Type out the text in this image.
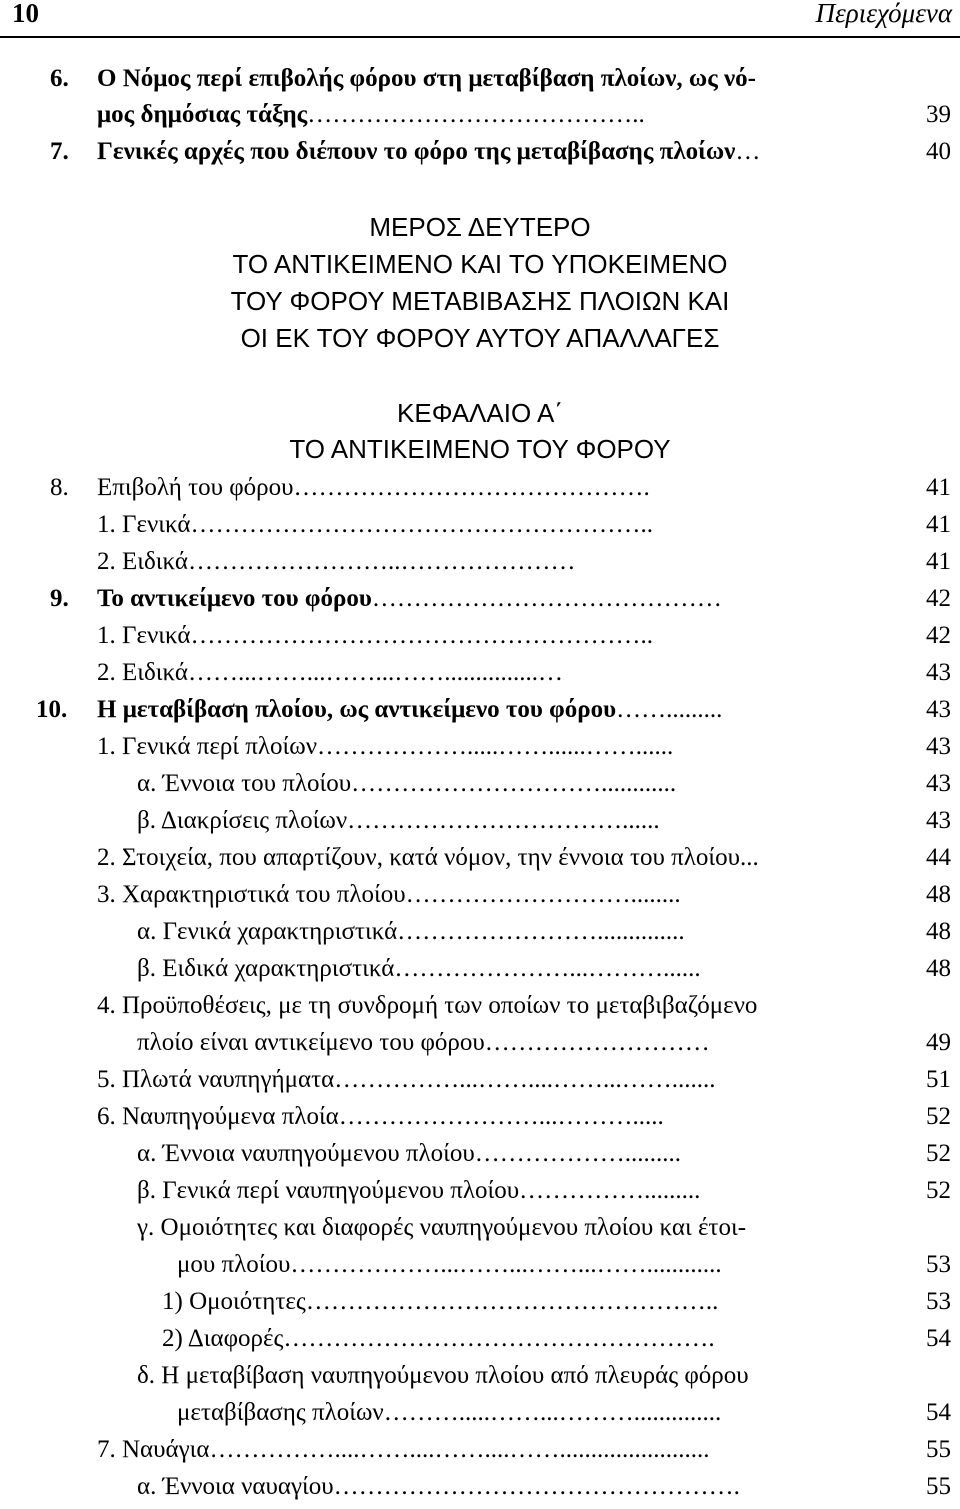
10	Περιεχόμενα
6. Ο Νόμος περί επιβολής φόρου στη μεταβίβαση πλοίων, ως νό-
μος δημόσιας τάξης…………………………………..	39
7. Γενικές αρχές που διέπουν το φόρο της μεταβίβασης πλοίων…	40
ΜΕΡΟΣ ΔΕΥΤΕΡΟ
ΤΟ ΑΝΤΙΚΕΙΜΕΝΟ ΚΑΙ ΤΟ ΥΠΟΚΕΙΜΕΝΟ
ΤΟΥ ΦΟΡΟΥ ΜΕΤΑΒΙΒΑΣΗΣ ΠΛΟΙΩΝ ΚΑΙ
ΟΙ ΕΚ ΤΟΥ ΦΟΡΟΥ ΑΥΤΟΥ ΑΠΑΛΛΑΓΕΣ
ΚΕΦΑΛΑΙΟ Α΄
ΤΟ ΑΝΤΙΚΕΙΜΕΝΟ ΤΟΥ ΦΟΡΟΥ
8. Επιβολή του φόρου…………………………………….	41
1. Γενικά………………………………………………..	41
2. Ειδικά……………………..…………………	41
9. Το αντικείμενο του φόρου……………………………………	42
1. Γενικά………………………………………………..	42
2. Ειδικά……...……...……...……...............…	43
10. Η μεταβίβαση πλοίου, ως αντικείμενο του φόρου…….........	43
1. Γενικά περί πλοίων……………….....……......……......	43
α. Έννοια του πλοίου…………………………............	43
β. Διακρίσεις πλοίων……………………………......	43
2. Στοιχεία, που απαρτίζουν, κατά νόμον, την έννοια του πλοίου...	44
3. Χαρακτηριστικά του πλοίου………………………........	48
α. Γενικά χαρακτηριστικά……………………..............	48
β. Ειδικά χαρακτηριστικά…………………...………......	48
4. Προϋποθέσεις, με τη συνδρομή των οποίων το μεταβιβαζόμενο
πλοίο είναι αντικείμενο του φόρου………………………	49
5. Πλωτά ναυπηγήματα……………...……....……...…….......	51
6. Ναυπηγούμενα πλοία……………………...……….....	52
α. Έννοια ναυπηγούμενου πλοίου……………….........	52
β. Γενικά περί ναυπηγούμενου πλοίου…………….........	52
γ. Ομοιότητες και διαφορές ναυπηγούμενου πλοίου και έτοι-
μου πλοίου………………...……...……...……............	53
1) Ομοιότητες…………………………………………..	53
2) Διαφορές…………………………………………….	54
δ. Η μεταβίβαση ναυπηγούμενου πλοίου από πλευράς φόρου
μεταβίβασης πλοίων……….....……...………..............	54
7. Ναυάγια……………....……....……....……........................	55
α. Έννοια ναυαγίου………………………………………….	55
